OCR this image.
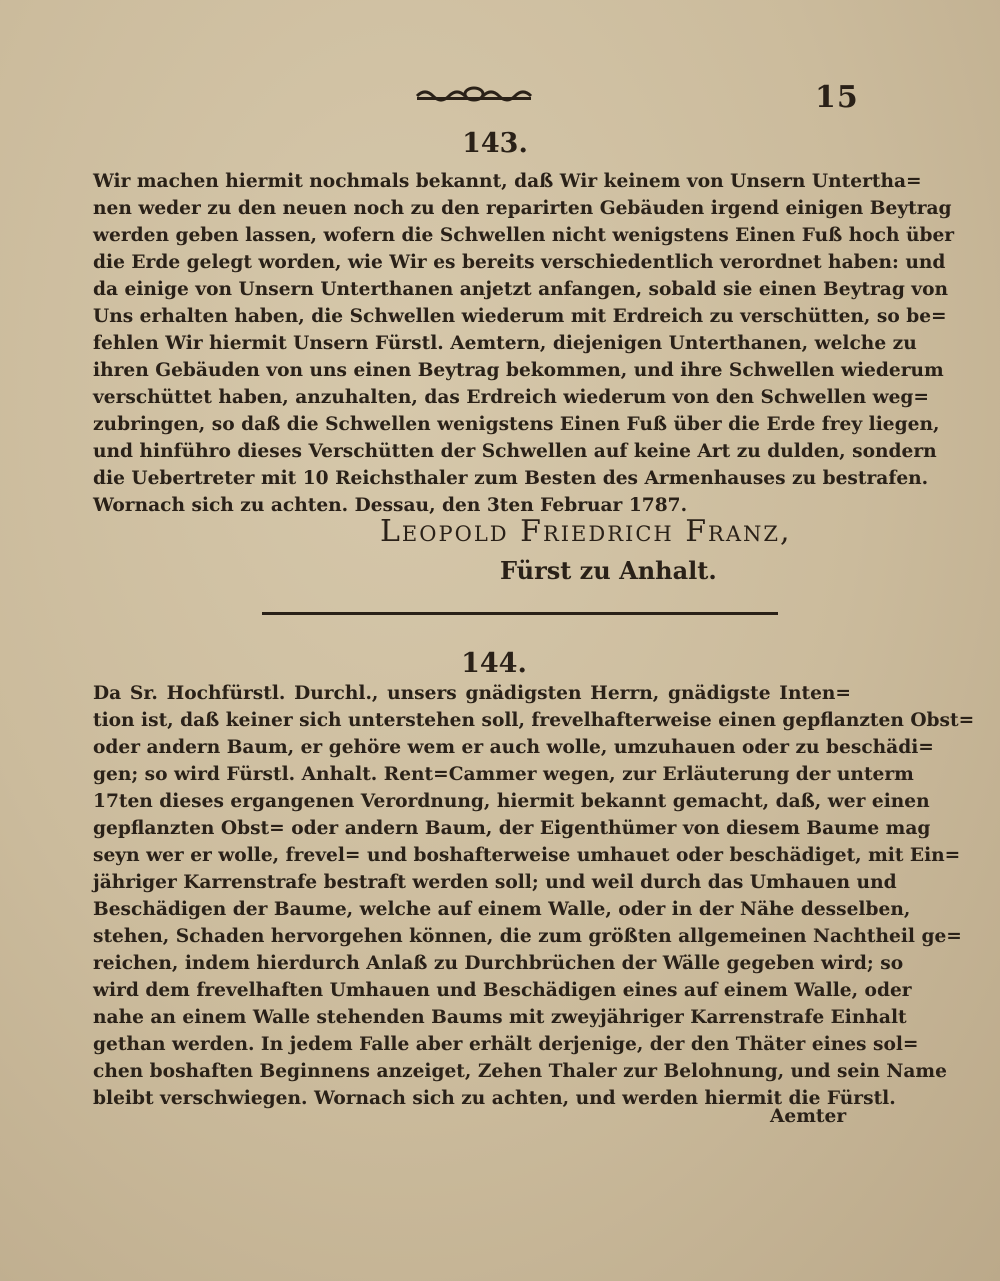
15
143.
Wir machen hiermit nochmals bekannt, daß Wir keinem von Unsern Untertha=
nen weder zu den neuen noch zu den reparirten Gebäuden irgend einigen Beytrag
werden geben lassen, wofern die Schwellen nicht wenigstens Einen Fuß hoch über
die Erde gelegt worden, wie Wir es bereits verschiedentlich verordnet haben: und
da einige von Unsern Unterthanen anjetzt anfangen, sobald sie einen Beytrag von
Uns erhalten haben, die Schwellen wiederum mit Erdreich zu verschütten, so be=
fehlen Wir hiermit Unsern Fürstl. Aemtern, diejenigen Unterthanen, welche zu
ihren Gebäuden von uns einen Beytrag bekommen, und ihre Schwellen wiederum
verschüttet haben, anzuhalten, das Erdreich wiederum von den Schwellen weg=
zubringen, so daß die Schwellen wenigstens Einen Fuß über die Erde frey liegen,
und hinführo dieses Verschütten der Schwellen auf keine Art zu dulden, sondern
die Uebertreter mit 10 Reichsthaler zum Besten des Armenhauses zu bestrafen.
Wornach sich zu achten. Dessau, den 3ten Februar 1787.
Leopold Friedrich Franz,
Fürst zu Anhalt.
144.
Da Sr. Hochfürstl. Durchl., unsers gnädigsten Herrn, gnädigste Inten=
tion ist, daß keiner sich unterstehen soll, frevelhafterweise einen gepflanzten Obst=
oder andern Baum, er gehöre wem er auch wolle, umzuhauen oder zu beschädi=
gen; so wird Fürstl. Anhalt. Rent=Cammer wegen, zur Erläuterung der unterm
17ten dieses ergangenen Verordnung, hiermit bekannt gemacht, daß, wer einen
gepflanzten Obst= oder andern Baum, der Eigenthümer von diesem Baume mag
seyn wer er wolle, frevel= und boshafterweise umhauet oder beschädiget, mit Ein=
jähriger Karrenstrafe bestraft werden soll; und weil durch das Umhauen und
Beschädigen der Baume, welche auf einem Walle, oder in der Nähe desselben,
stehen, Schaden hervorgehen können, die zum größten allgemeinen Nachtheil ge=
reichen, indem hierdurch Anlaß zu Durchbrüchen der Wälle gegeben wird; so
wird dem frevelhaften Umhauen und Beschädigen eines auf einem Walle, oder
nahe an einem Walle stehenden Baums mit zweyjähriger Karrenstrafe Einhalt
gethan werden. In jedem Falle aber erhält derjenige, der den Thäter eines sol=
chen boshaften Beginnens anzeiget, Zehen Thaler zur Belohnung, und sein Name
bleibt verschwiegen. Wornach sich zu achten, und werden hiermit die Fürstl.
Aemter
